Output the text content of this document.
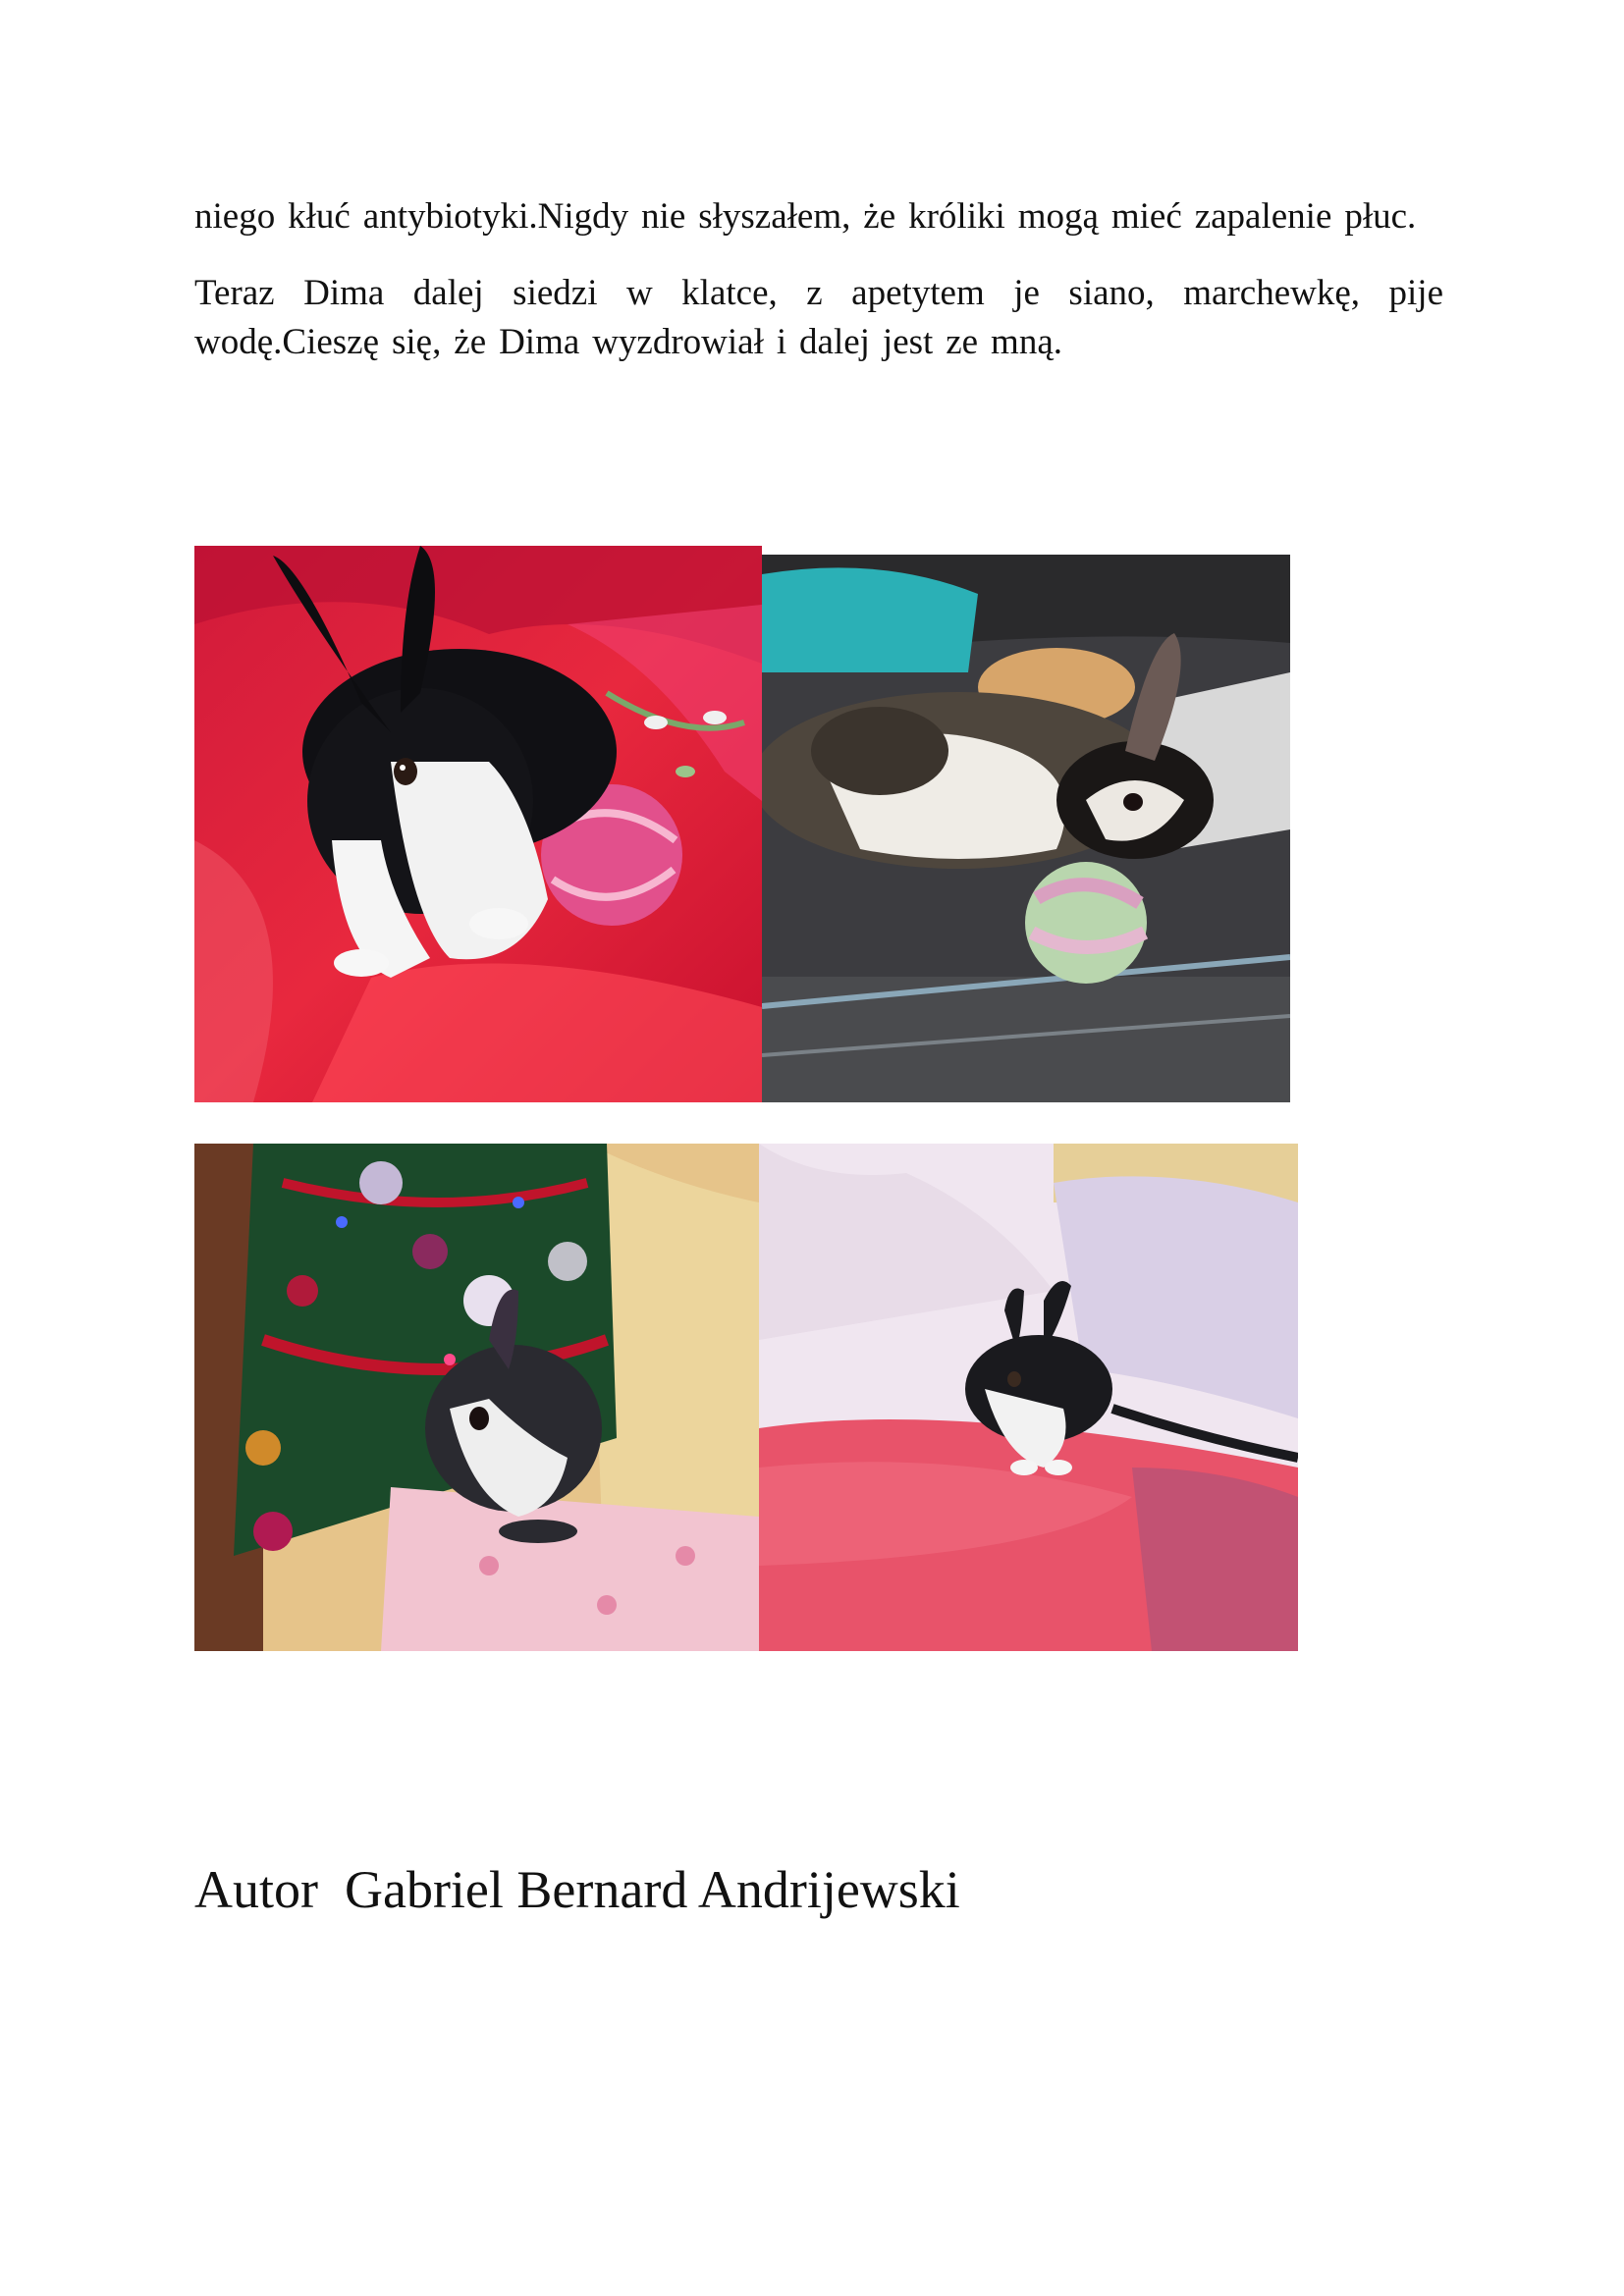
niego kłuć antybiotyki.Nigdy nie słyszałem, że króliki mogą mieć zapalenie płuc.

Teraz Dima dalej siedzi w klatce, z apetytem je siano, marchewkę, pije wodę.Cieszę się, że Dima wyzdrowiał i dalej jest ze mną.

Autor  Gabriel Bernard Andrijewski
